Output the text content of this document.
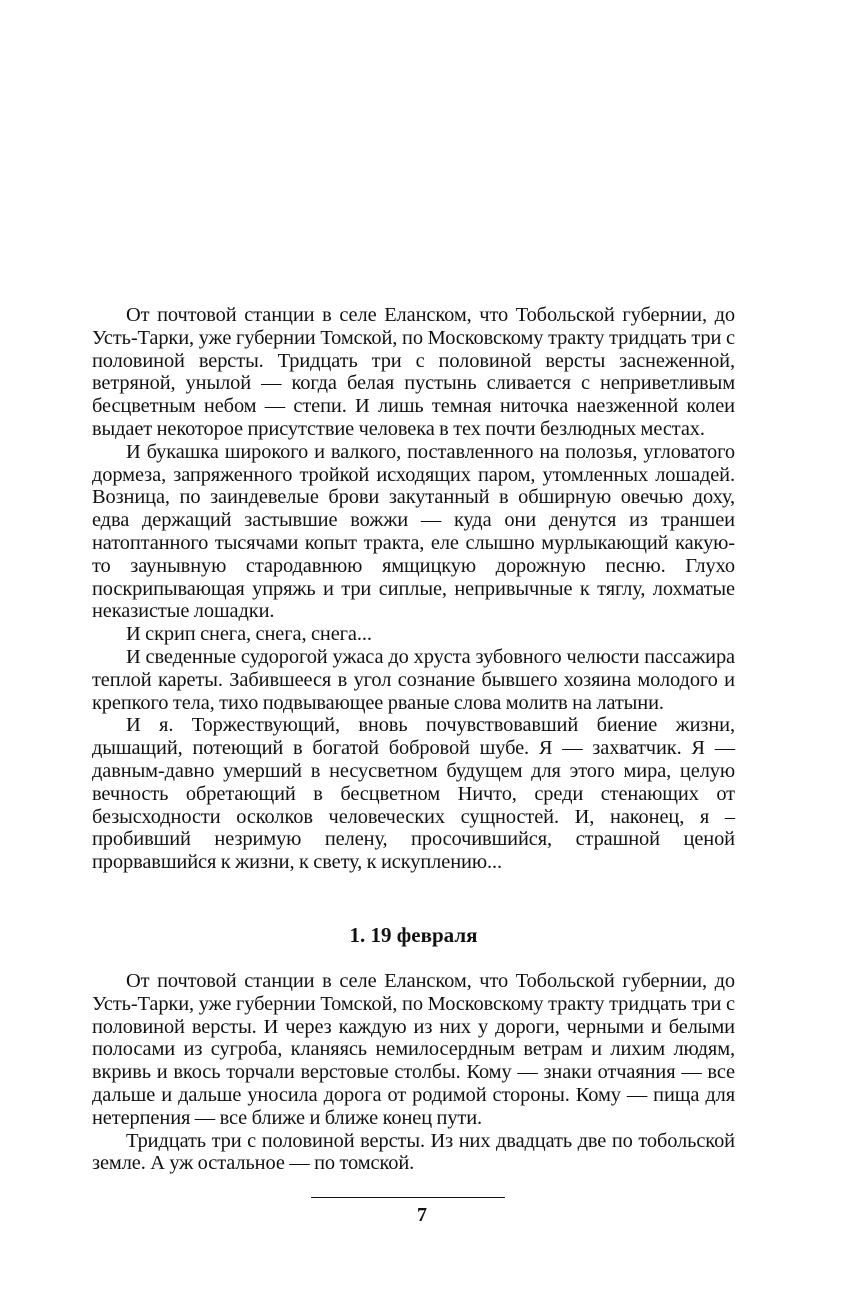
От почтовой станции в селе Еланском, что Тобольской губернии, до Усть-Тарки, уже губернии Томской, по Московскому тракту тридцать три с половиной версты. Тридцать три с половиной версты заснеженной, ветряной, унылой — когда белая пустынь сливается с неприветливым бесцветным небом — степи. И лишь темная ниточка наезженной колеи выдает некоторое присутствие человека в тех почти безлюдных местах.

И букашка широкого и валкого, поставленного на полозья, угловатого дормеза, запряженного тройкой исходящих паром, утомленных лошадей. Возница, по заиндевелые брови закутанный в обширную овечью доху, едва держащий застывшие вожжи — куда они денутся из траншеи натоптанного тысячами копыт тракта, еле слышно мурлыкающий какую-то заунывную стародавнюю ямщицкую дорожную песню. Глухо поскрипывающая упряжь и три сиплые, непривычные к тяглу, лохматые неказистые лошадки.

И скрип снега, снега, снега...

И сведенные судорогой ужаса до хруста зубовного челюсти пассажира теплой кареты. Забившееся в угол сознание бывшего хозяина молодого и крепкого тела, тихо подвывающее рваные слова молитв на латыни.

И я. Торжествующий, вновь почувствовавший биение жизни, дышащий, потеющий в богатой бобровой шубе. Я — захватчик. Я — давным-давно умерший в несусветном будущем для этого мира, целую вечность обретающий в бесцветном Ничто, среди стенающих от безысходности осколков человеческих сущностей. И, наконец, я –пробивший незримую пелену, просочившийся, страшной ценой прорвавшийся к жизни, к свету, к искуплению...

1. 19 февраля

От почтовой станции в селе Еланском, что Тобольской губернии, до Усть-Тарки, уже губернии Томской, по Московскому тракту тридцать три с половиной версты. И через каждую из них у дороги, черными и белыми полосами из сугроба, кланяясь немилосердным ветрам и лихим людям, вкривь и вкось торчали верстовые столбы. Кому — знаки отчаяния — все дальше и дальше уносила дорога от родимой стороны. Кому — пища для нетерпения — все ближе и ближе конец пути.

Тридцать три с половиной версты. Из них двадцать две по тобольской земле. А уж остальное — по томской.

7
